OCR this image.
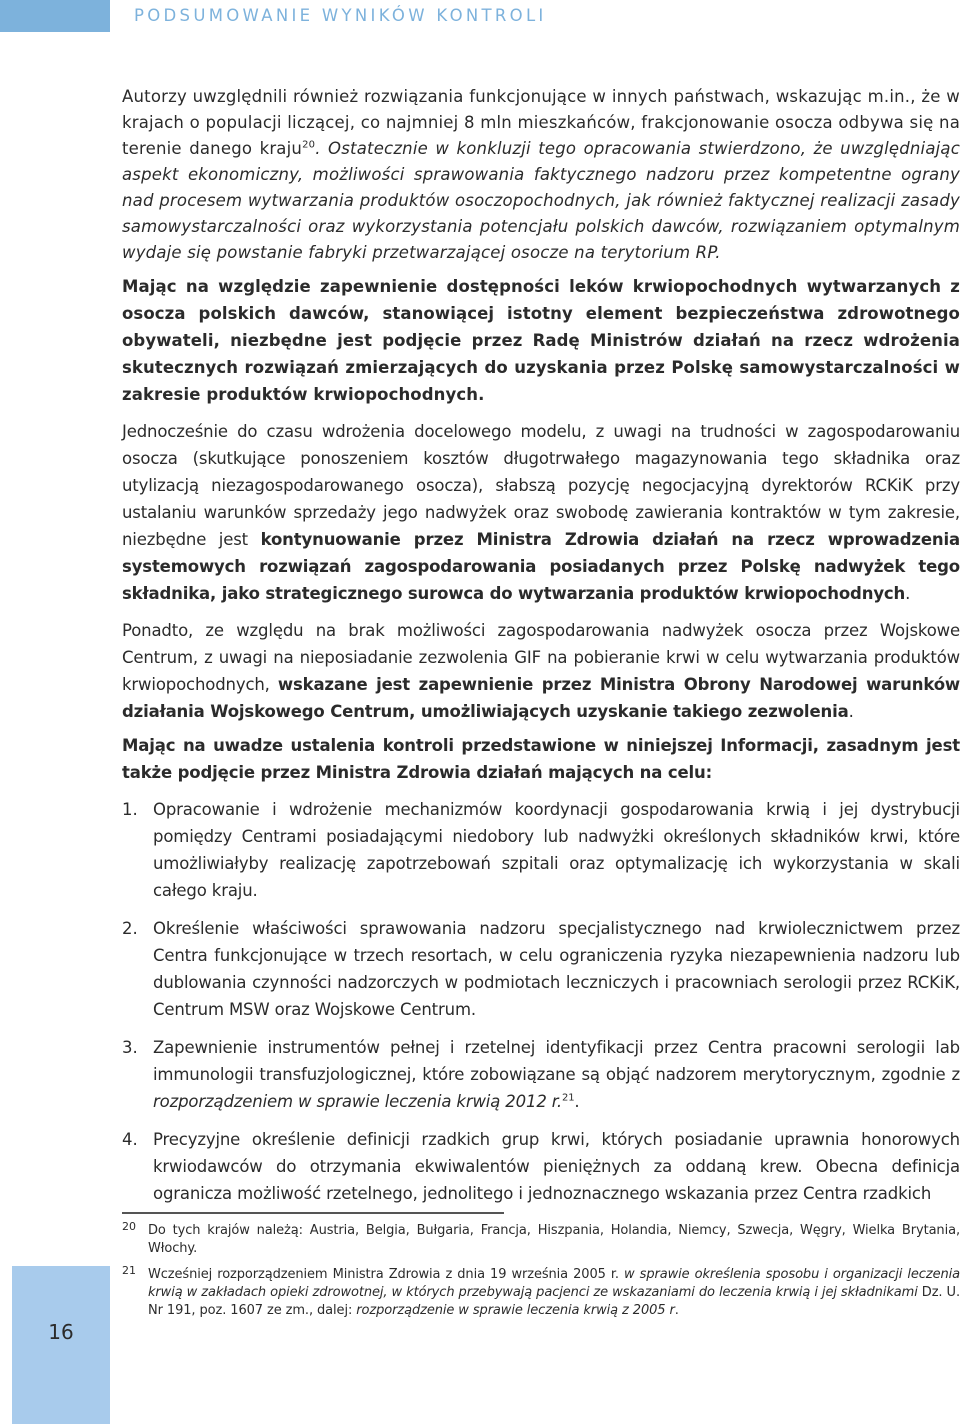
PODSUMOWANIE WYNIKÓW KONTROLI

Autorzy uwzględnili również rozwiązania funkcjonujące w innych państwach, wskazując m.in., że w krajach o populacji liczącej, co najmniej 8 mln mieszkańców, frakcjonowanie osocza odbywa się na terenie danego kraju$^{20}$. Ostatecznie w konkluzji tego opracowania stwierdzono, że uwzględniając aspekt ekonomiczny, możliwości sprawowania faktycznego nadzoru przez kompetentne ograny nad procesem wytwarzania produktów osoczopochodnych, jak również faktycznej realizacji zasady samowystarczalności oraz wykorzystania potencjału polskich dawców, rozwiązaniem optymalnym wydaje się powstanie fabryki przetwarzającej osocze na terytorium RP.

Mając na względzie zapewnienie dostępności leków krwiopochodnych wytwarzanych z osocza polskich dawców, stanowiącej istotny element bezpieczeństwa zdrowotnego obywateli, niezbędne jest podjęcie przez Radę Ministrów działań na rzecz wdrożenia skutecznych rozwiązań zmierzających do uzyskania przez Polskę samowystarczalności w zakresie produktów krwiopochodnych.

Jednocześnie do czasu wdrożenia docelowego modelu, z uwagi na trudności w zagospodarowaniu osocza (skutkujące ponoszeniem kosztów długotrwałego magazynowania tego składnika oraz utylizacją niezagospodarowanego osocza), słabszą pozycję negocjacyjną dyrektorów RCKiK przy ustalaniu warunków sprzedaży jego nadwyżek oraz swobodę zawierania kontraktów w tym zakresie, niezbędne jest kontynuowanie przez Ministra Zdrowia działań na rzecz wprowadzenia systemowych rozwiązań zagospodarowania posiadanych przez Polskę nadwyżek tego składnika, jako strategicznego surowca do wytwarzania produktów krwiopochodnych.

Ponadto, ze względu na brak możliwości zagospodarowania nadwyżek osocza przez Wojskowe Centrum, z uwagi na nieposiadanie zezwolenia GIF na pobieranie krwi w celu wytwarzania produktów krwiopochodnych, wskazane jest zapewnienie przez Ministra Obrony Narodowej warunków działania Wojskowego Centrum, umożliwiających uzyskanie takiego zezwolenia.

Mając na uwadze ustalenia kontroli przedstawione w niniejszej Informacji, zasadnym jest także podjęcie przez Ministra Zdrowia działań mających na celu:

1. Opracowanie i wdrożenie mechanizmów koordynacji gospodarowania krwią i jej dystrybucji pomiędzy Centrami posiadającymi niedobory lub nadwyżki określonych składników krwi, które umożliwiałyby realizację zapotrzebowań szpitali oraz optymalizację ich wykorzystania w skali całego kraju.

2. Określenie właściwości sprawowania nadzoru specjalistycznego nad krwiolecznictwem przez Centra funkcjonujące w trzech resortach, w celu ograniczenia ryzyka niezapewnienia nadzoru lub dublowania czynności nadzorczych w podmiotach leczniczych i pracowniach serologii przez RCKiK, Centrum MSW oraz Wojskowe Centrum.

3. Zapewnienie instrumentów pełnej i rzetelnej identyfikacji przez Centra pracowni serologii lab immunologii transfuzjologicznej, które zobowiązane są objąć nadzorem merytorycznym, zgodnie z rozporządzeniem w sprawie leczenia krwią 2012 r.$^{21}$.

4. Precyzyjne określenie definicji rzadkich grup krwi, których posiadanie uprawnia honorowych krwiodawców do otrzymania ekwiwalentów pieniężnych za oddaną krew. Obecna definicja ogranicza możliwość rzetelnego, jednolitego i jednoznacznego wskazania przez Centra rzadkich

20 Do tych krajów należą: Austria, Belgia, Bułgaria, Francja, Hiszpania, Holandia, Niemcy, Szwecja, Węgry, Wielka Brytania, Włochy.

21 Wcześniej rozporządzeniem Ministra Zdrowia z dnia 19 września 2005 r. w sprawie określenia sposobu i organizacji leczenia krwią w zakładach opieki zdrowotnej, w których przebywają pacjenci ze wskazaniami do leczenia krwią i jej składnikami Dz. U. Nr 191, poz. 1607 ze zm., dalej: rozporządzenie w sprawie leczenia krwią z 2005 r.

16
